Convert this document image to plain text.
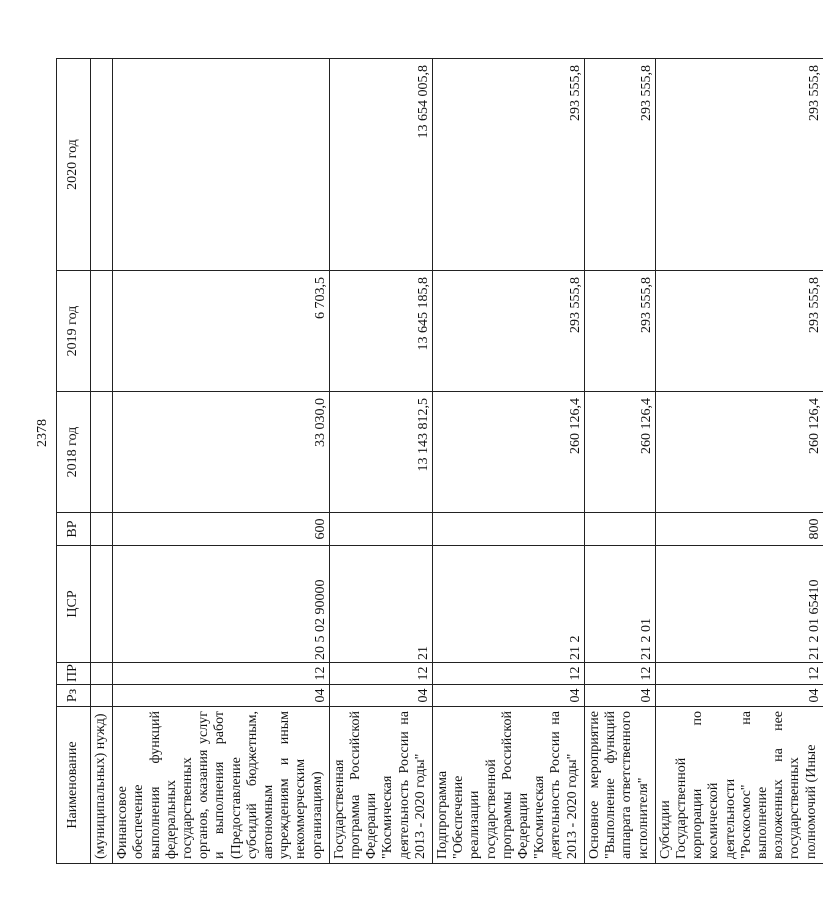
2378
Наименование	Рз	ПР	ЦСР	ВР	2018 год	2019 год	2020 год
(муниципальных) нужд)							
Финансовое обеспечение выполнения функций федеральных государственных органов, оказания услуг и выполнения работ (Предоставление субсидий бюджетным, автономным учреждениям и иным некоммерческим организациям)	04	12	20 5 02 90000	600	33 030,0	6 703,5	
Государственная программа Российской Федерации "Космическая деятельность России на 2013 - 2020 годы"	04	12	21		13 143 812,5	13 645 185,8	13 654 005,8
Подпрограмма "Обеспечение реализации государственной программы Российской Федерации "Космическая деятельность России на 2013 - 2020 годы"	04	12	21 2		260 126,4	293 555,8	293 555,8
Основное мероприятие "Выполнение функций аппарата ответственного исполнителя"	04	12	21 2 01		260 126,4	293 555,8	293 555,8
Субсидии Государственной корпорации по космической деятельности "Роскосмос" на выполнение возложенных на нее государственных полномочий (Иные	04	12	21 2 01 65410	800	260 126,4	293 555,8	293 555,8
